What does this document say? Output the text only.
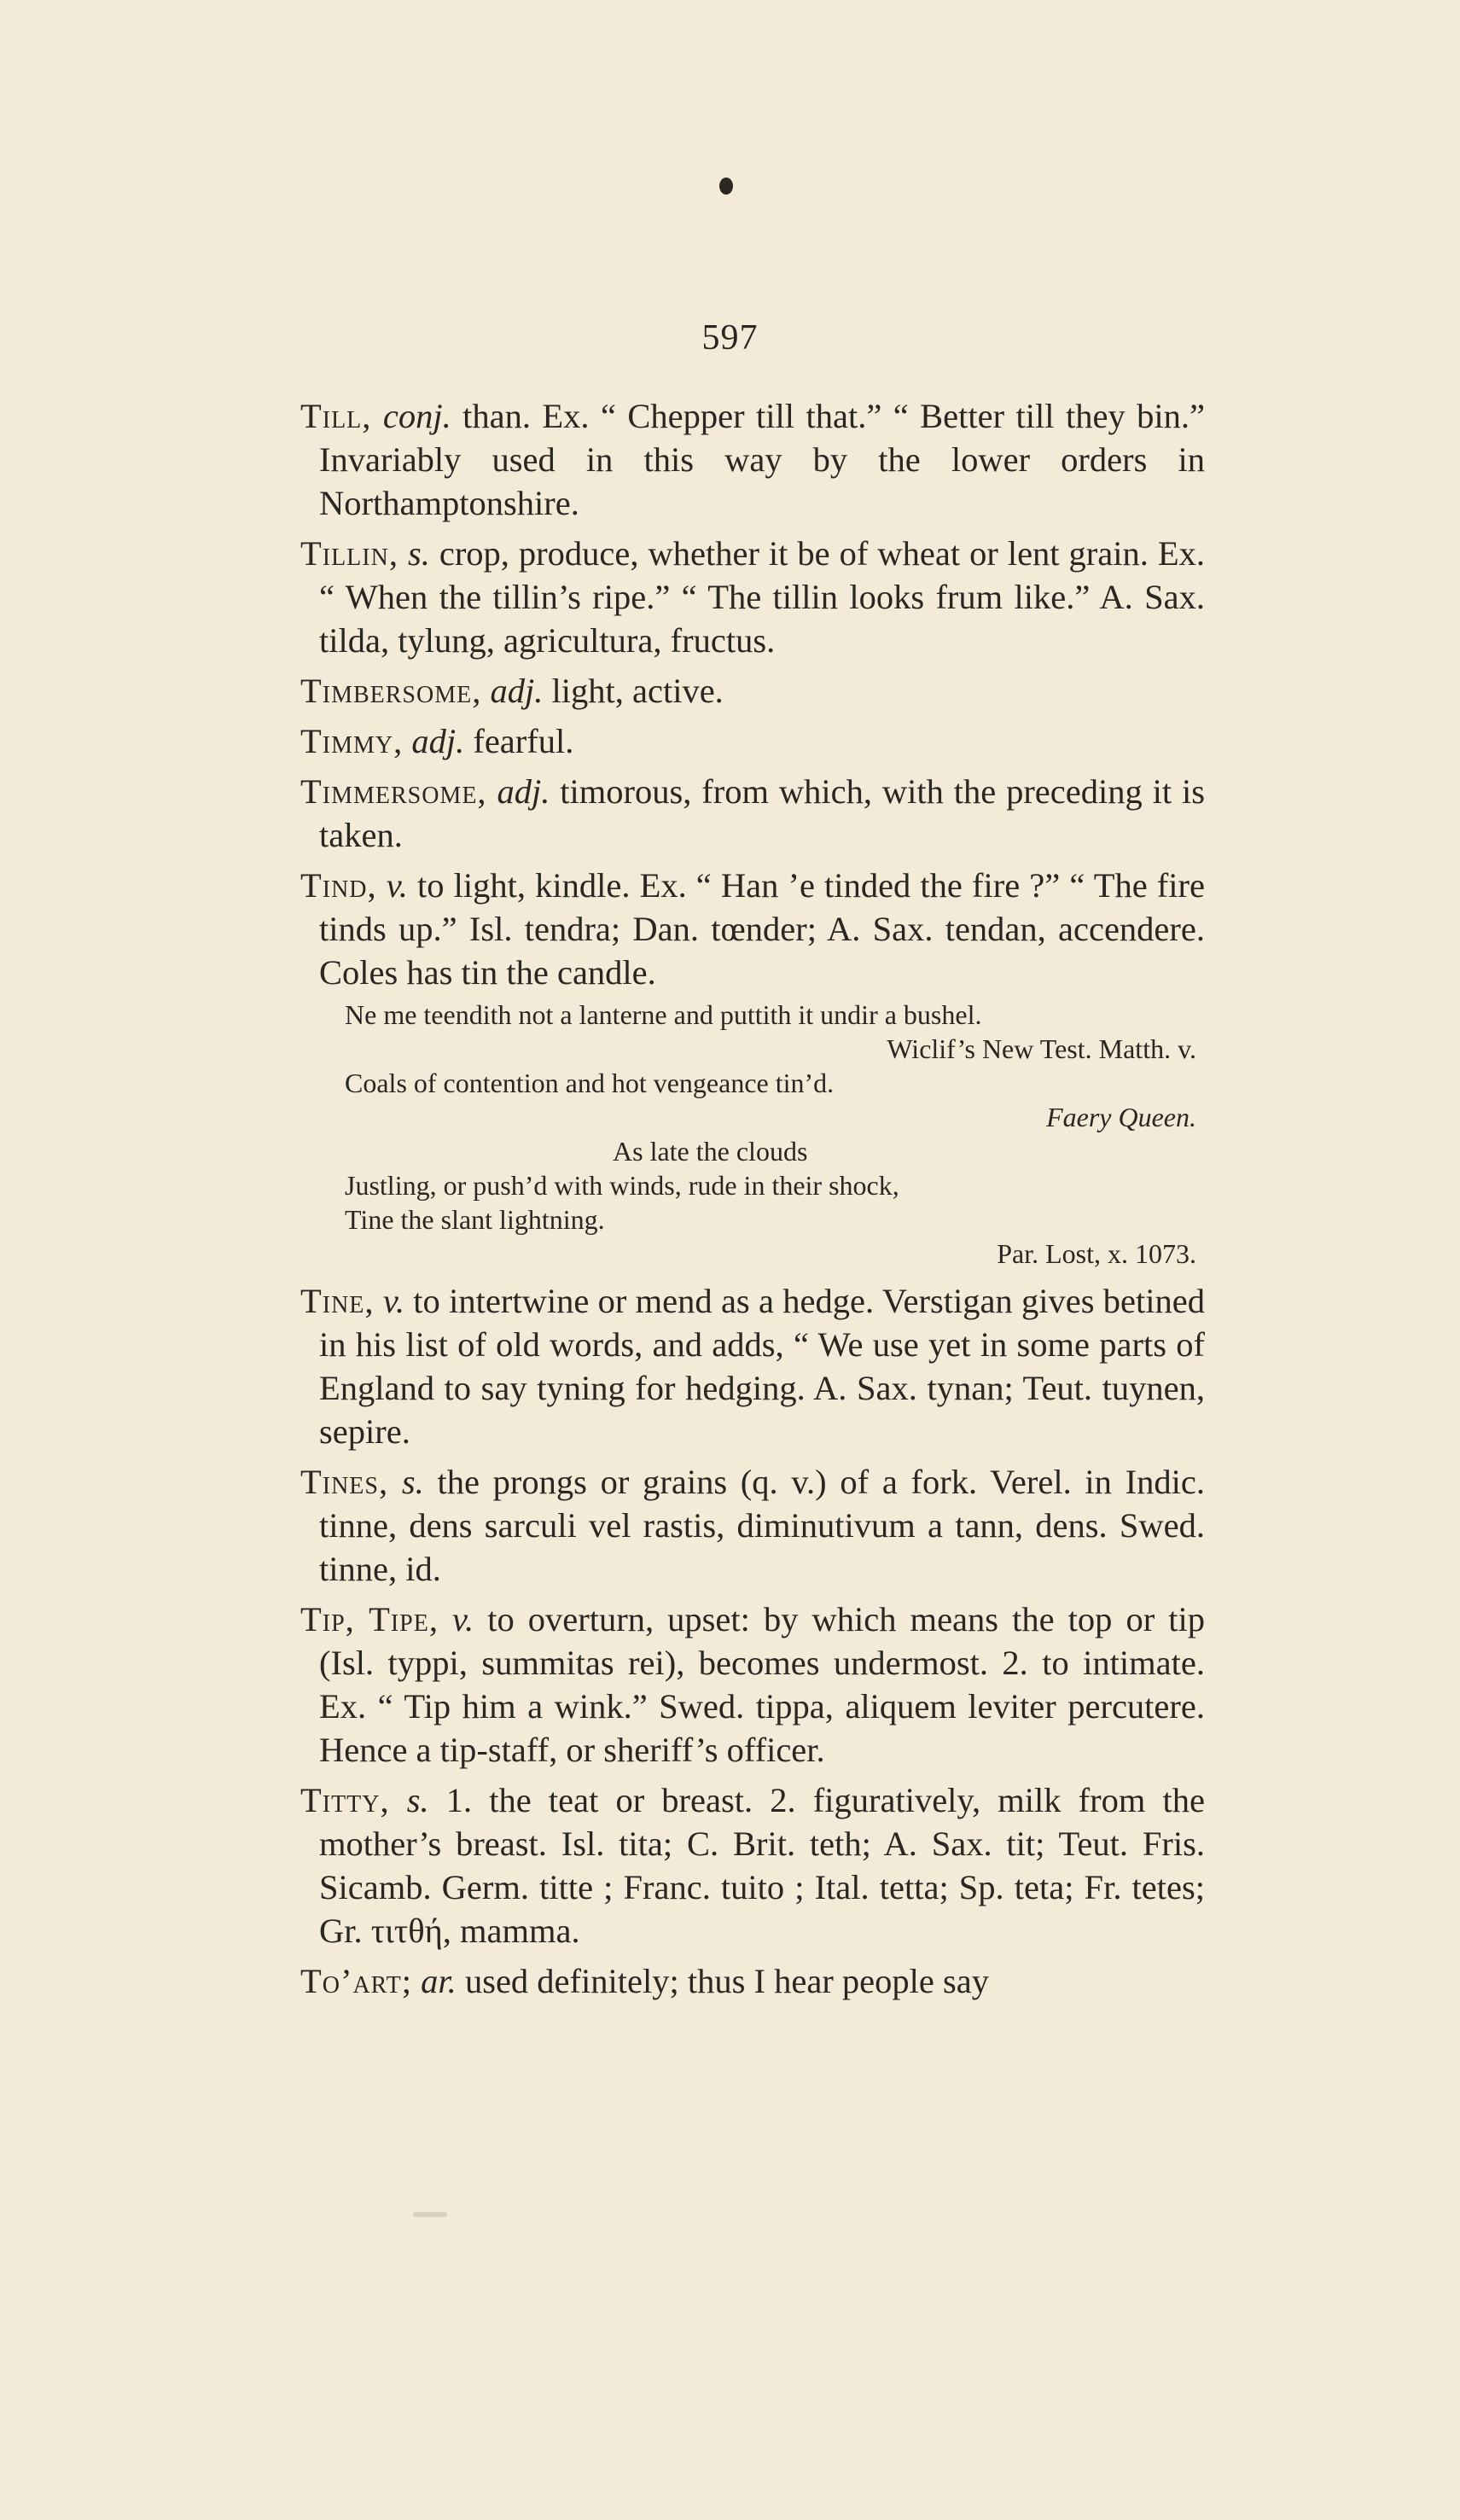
597

Till, conj. than. Ex. “ Chepper till that.” “ Better till they bin.” Invariably used in this way by the lower orders in Northamptonshire.

Tillin, s. crop, produce, whether it be of wheat or lent grain. Ex. “ When the tillin’s ripe.” “ The tillin looks frum like.” A. Sax. tilda, tylung, agricultura, fructus.

Timbersome, adj. light, active.

Timmy, adj. fearful.

Timmersome, adj. timorous, from which, with the preceding it is taken.

Tind, v. to light, kindle. Ex. “ Han ’e tinded the fire ?” “ The fire tinds up.” Isl. tendra; Dan. tœnder; A. Sax. tendan, accendere. Coles has tin the candle.

Ne me teendith not a lanterne and puttith it undir a bushel.
Wiclif’s New Test. Matth. v.
Coals of contention and hot vengeance tin’d.
Faery Queen.
As late the clouds
Justling, or push’d with winds, rude in their shock,
Tine the slant lightning.
Par. Lost, x. 1073.

Tine, v. to intertwine or mend as a hedge. Verstigan gives betined in his list of old words, and adds, “ We use yet in some parts of England to say tyning for hedging. A. Sax. tynan; Teut. tuynen, sepire.

Tines, s. the prongs or grains (q. v.) of a fork. Verel. in Indic. tinne, dens sarculi vel rastis, diminutivum a tann, dens. Swed. tinne, id.

Tip, Tipe, v. to overturn, upset: by which means the top or tip (Isl. typpi, summitas rei), becomes undermost. 2. to intimate. Ex. “ Tip him a wink.” Swed. tippa, aliquem leviter percutere. Hence a tip-staff, or sheriff’s officer.

Titty, s. 1. the teat or breast. 2. figuratively, milk from the mother’s breast. Isl. tita; C. Brit. teth; A. Sax. tit; Teut. Fris. Sicamb. Germ. titte ; Franc. tuito ; Ital. tetta; Sp. teta; Fr. tetes; Gr. τιτθή, mamma.

To’art; ar. used definitely; thus I hear people say
